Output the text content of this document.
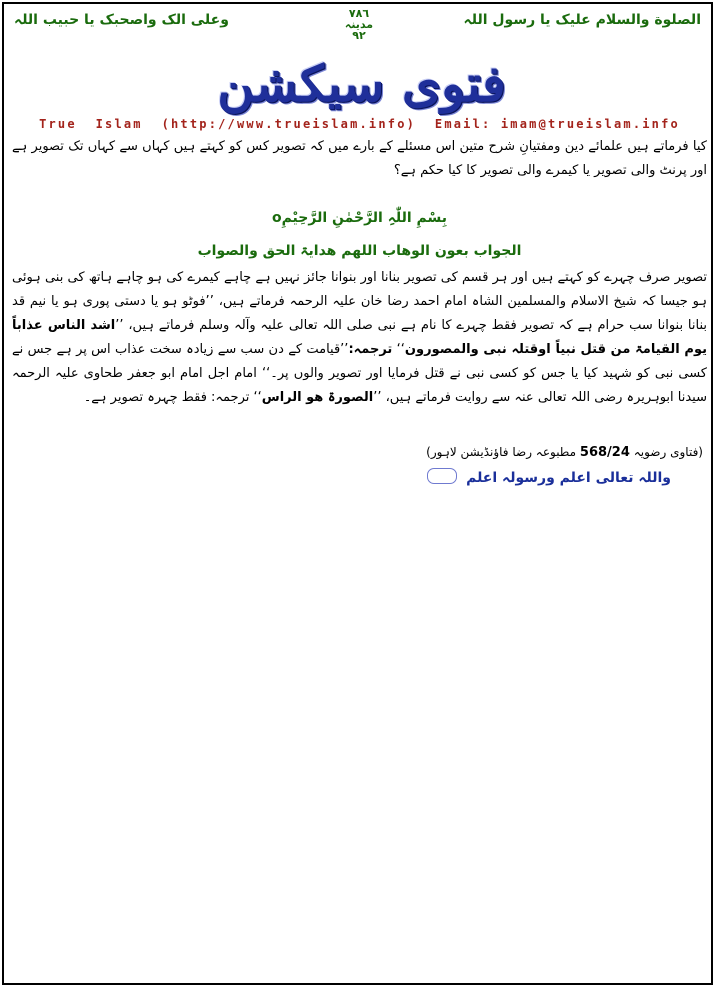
الصلوة والسلام علیک یا رسول اللہ
٧٨٦
مدینہ
٩٢
وعلی الک واصحبک یا حبیب اللہ
فتوی سیکشن
True  Islam  (http://www.trueislam.info)  Email: imam@trueislam.info
کیا فرماتے ہیں علمائے دین ومفتیانِ شرح متین اس مسئلے کے بارے میں کہ تصویر کس کو کہتے ہیں کہاں سے کہاں تک تصویر ہے اور پرنٹ والی تصویر یا کیمرے والی تصویر کا کیا حکم ہے؟
بِسْمِ اللّٰہِ الرَّحْمٰنِ الرَّحِیْمِo
الجواب بعون الوھاب اللھم ھدایۃ الحق والصواب
تصویر صرف چہرے کو کہتے ہیں اور ہر قسم کی تصویر بنانا اور بنوانا جائز نہیں ہے چاہے کیمرے کی ہو چاہے ہاتھ کی بنی ہوئی ہو جیسا کہ شیخ الاسلام والمسلمین الشاہ امام احمد رضا خان علیہ الرحمہ فرماتے ہیں، ’’فوٹو ہو یا دستی پوری ہو یا نیم قد بنانا بنوانا سب حرام ہے کہ تصویر فقط چہرے کا نام ہے نبی صلی اللہ تعالی علیہ وآلہ وسلم فرماتے ہیں، ’’اشد الناس عذاباً یوم القیامۃ من قتل نبیاً اوقتلہ نبی والمصورون‘‘ ترجمہ:’’قیامت کے دن سب سے زیادہ سخت عذاب اس پر ہے جس نے کسی نبی کو شہید کیا یا جس کو کسی نبی نے قتل فرمایا اور تصویر والوں پر۔‘‘ امام اجل امام ابو جعفر طحاوی علیہ الرحمہ سیدنا ابوہریرہ رضی اللہ تعالی عنہ سے روایت فرماتے ہیں، ’’الصورۃ ھو الراس‘‘ ترجمہ: فقط چہرہ تصویر ہے۔
(فتاوی رضویہ 568/24 مطبوعہ رضا فاؤنڈیشن لاہور)
واللہ تعالی اعلم ورسولہ اعلم
